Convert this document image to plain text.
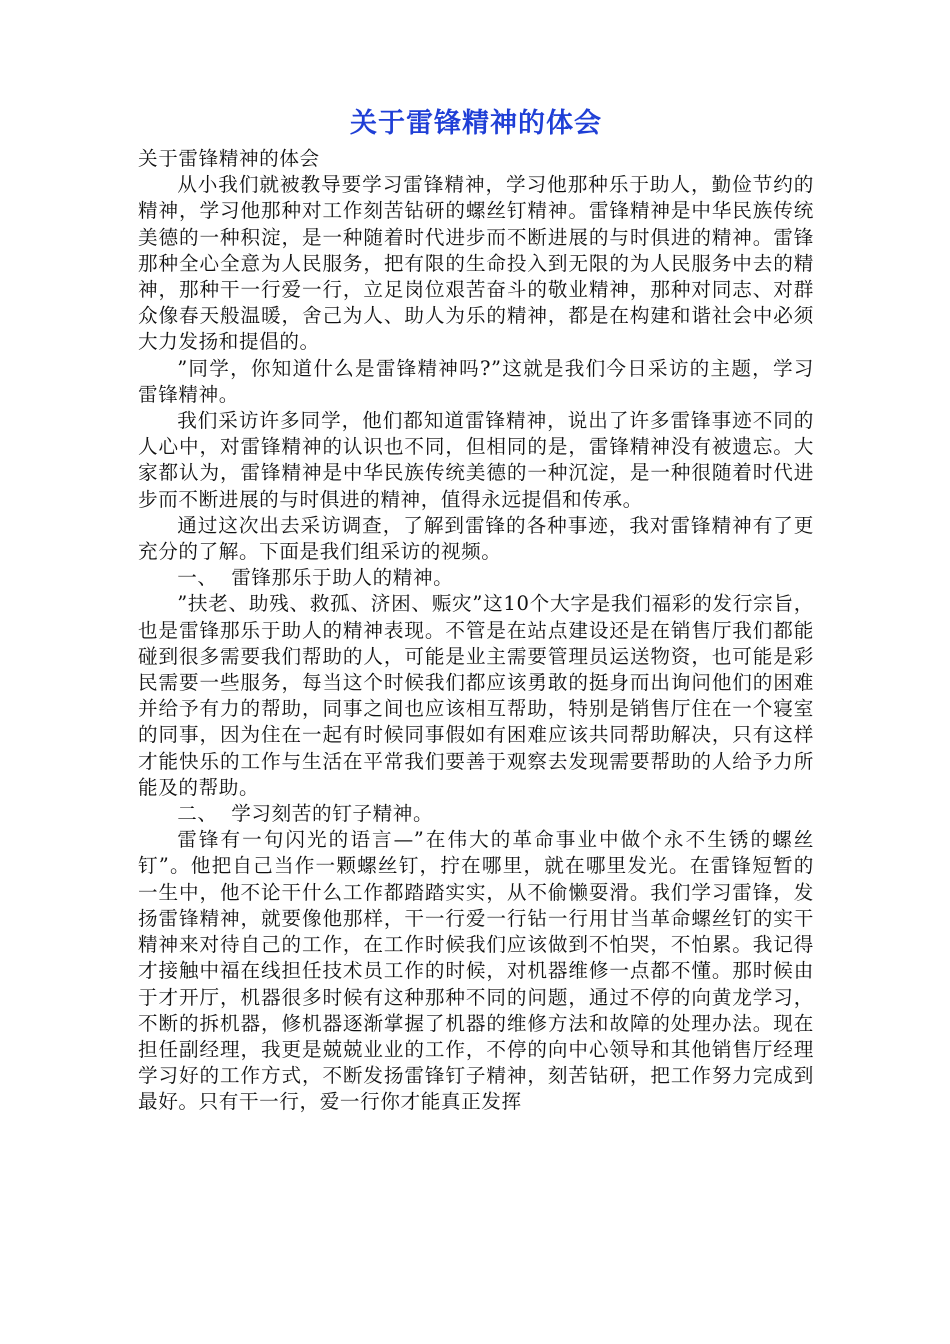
关于雷锋精神的体会

关于雷锋精神的体会

从小我们就被教导要学习雷锋精神，学习他那种乐于助人，勤俭节约的精神，学习他那种对工作刻苦钻研的螺丝钉精神。雷锋精神是中华民族传统美德的一种积淀，是一种随着时代进步而不断进展的与时俱进的精神。雷锋那种全心全意为人民服务，把有限的生命投入到无限的为人民服务中去的精神，那种干一行爱一行，立足岗位艰苦奋斗的敬业精神，那种对同志、对群众像春天般温暖，舍己为人、助人为乐的精神，都是在构建和谐社会中必须大力发扬和提倡的。

”同学，你知道什么是雷锋精神吗?”这就是我们今日采访的主题，学习雷锋精神。

我们采访许多同学，他们都知道雷锋精神，说出了许多雷锋事迹不同的人心中，对雷锋精神的认识也不同，但相同的是，雷锋精神没有被遗忘。大家都认为，雷锋精神是中华民族传统美德的一种沉淀，是一种很随着时代进步而不断进展的与时俱进的精神，值得永远提倡和传承。

通过这次出去采访调查，了解到雷锋的各种事迹，我对雷锋精神有了更充分的了解。下面是我们组采访的视频。

一、  雷锋那乐于助人的精神。

”扶老、助残、救孤、济困、赈灾”这10个大字是我们福彩的发行宗旨，也是雷锋那乐于助人的精神表现。不管是在站点建设还是在销售厅我们都能碰到很多需要我们帮助的人，可能是业主需要管理员运送物资，也可能是彩民需要一些服务，每当这个时候我们都应该勇敢的挺身而出询问他们的困难并给予有力的帮助，同事之间也应该相互帮助，特别是销售厅住在一个寝室的同事，因为住在一起有时候同事假如有困难应该共同帮助解决，只有这样才能快乐的工作与生活在平常我们要善于观察去发现需要帮助的人给予力所能及的帮助。

二、  学习刻苦的钉子精神。

雷锋有一句闪光的语言—”在伟大的革命事业中做个永不生锈的螺丝钉”。他把自己当作一颗螺丝钉，拧在哪里，就在哪里发光。在雷锋短暂的一生中，他不论干什么工作都踏踏实实，从不偷懒耍滑。我们学习雷锋，发扬雷锋精神，就要像他那样，干一行爱一行钻一行用甘当革命螺丝钉的实干精神来对待自己的工作，在工作时候我们应该做到不怕哭，不怕累。我记得才接触中福在线担任技术员工作的时候，对机器维修一点都不懂。那时候由于才开厅，机器很多时候有这种那种不同的问题，通过不停的向黄龙学习，不断的拆机器，修机器逐渐掌握了机器的维修方法和故障的处理办法。现在担任副经理，我更是兢兢业业的工作，不停的向中心领导和其他销售厅经理学习好的工作方式，不断发扬雷锋钉子精神，刻苦钻研，把工作努力完成到最好。只有干一行，爱一行你才能真正发挥
